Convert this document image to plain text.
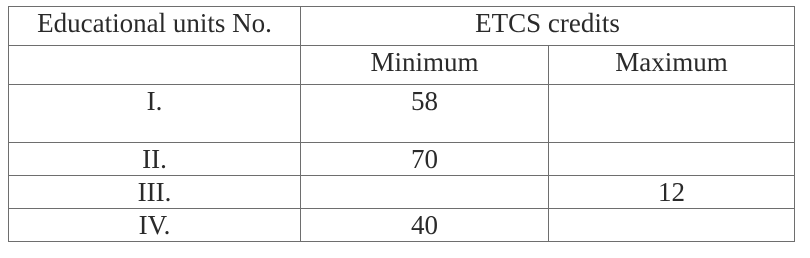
Educational units No.	ETCS credits	
	Minimum	Maximum
I.	58	
II.	70	
III.		12
IV.	40	
